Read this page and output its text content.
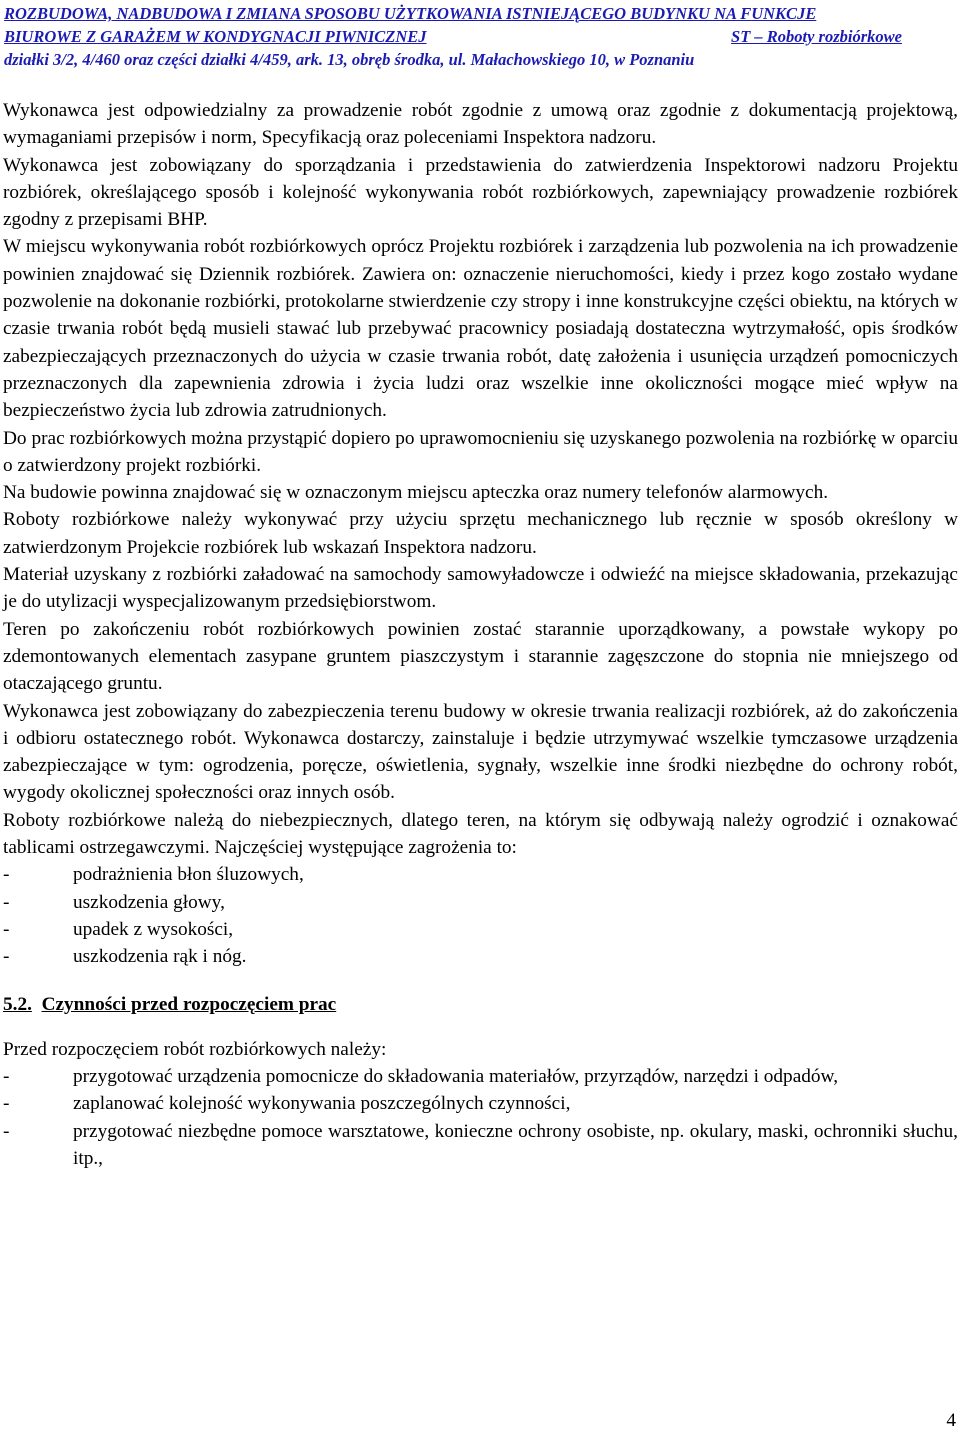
ROZBUDOWA, NADBUDOWA I ZMIANA SPOSOBU UŻYTKOWANIA ISTNIEJĄCEGO BUDYNKU NA FUNKCJE
BIUROWE Z GARAŻEM W KONDYGNACJI PIWNICZNEJ	ST – Roboty rozbiórkowe
działki 3/2, 4/460 oraz części działki 4/459, ark. 13, obręb środka, ul. Małachowskiego 10, w Poznaniu

Wykonawca jest odpowiedzialny za prowadzenie robót zgodnie z umową oraz zgodnie z dokumentacją projektową, wymaganiami przepisów i norm, Specyfikacją oraz poleceniami Inspektora nadzoru.

Wykonawca jest zobowiązany do sporządzania i przedstawienia do zatwierdzenia Inspektorowi nadzoru Projektu rozbiórek, określającego sposób i kolejność wykonywania robót rozbiórkowych, zapewniający prowadzenie rozbiórek zgodny z przepisami BHP.

W miejscu wykonywania robót rozbiórkowych oprócz Projektu rozbiórek i zarządzenia lub pozwolenia na ich prowadzenie powinien znajdować się Dziennik rozbiórek. Zawiera on: oznaczenie nieruchomości, kiedy i przez kogo zostało wydane pozwolenie na dokonanie rozbiórki, protokolarne stwierdzenie czy stropy i inne konstrukcyjne części obiektu, na których w czasie trwania robót będą musieli stawać lub przebywać pracownicy posiadają dostateczna wytrzymałość, opis środków zabezpieczających przeznaczonych do użycia w czasie trwania robót, datę założenia i usunięcia urządzeń pomocniczych przeznaczonych dla zapewnienia zdrowia i życia ludzi oraz wszelkie inne okoliczności mogące mieć wpływ na bezpieczeństwo życia lub zdrowia zatrudnionych.

Do prac rozbiórkowych można przystąpić dopiero po uprawomocnieniu się uzyskanego pozwolenia na rozbiórkę w oparciu o zatwierdzony projekt rozbiórki.

Na budowie powinna znajdować się w oznaczonym miejscu apteczka oraz numery telefonów alarmowych.

Roboty rozbiórkowe należy wykonywać przy użyciu sprzętu mechanicznego lub ręcznie w sposób określony w zatwierdzonym Projekcie rozbiórek lub wskazań Inspektora nadzoru.

Materiał uzyskany z rozbiórki załadować na samochody samowyładowcze i odwieźć na miejsce składowania, przekazując je do utylizacji wyspecjalizowanym przedsiębiorstwom.

Teren po zakończeniu robót rozbiórkowych powinien zostać starannie uporządkowany, a powstałe wykopy po zdemontowanych elementach zasypane gruntem piaszczystym i starannie zagęszczone do stopnia nie mniejszego od otaczającego gruntu.

Wykonawca jest zobowiązany do zabezpieczenia terenu budowy w okresie trwania realizacji rozbiórek, aż do zakończenia i odbioru ostatecznego robót. Wykonawca dostarczy, zainstaluje i będzie utrzymywać wszelkie tymczasowe urządzenia zabezpieczające w tym: ogrodzenia, poręcze, oświetlenia, sygnały, wszelkie inne środki niezbędne do ochrony robót, wygody okolicznej społeczności oraz innych osób.

Roboty rozbiórkowe należą do niebezpiecznych, dlatego teren, na którym się odbywają należy ogrodzić i oznakować tablicami ostrzegawczymi. Najczęściej występujące zagrożenia to:

-	podrażnienia błon śluzowych,
-	uszkodzenia głowy,
-	upadek z wysokości,
-	uszkodzenia rąk i nóg.
5.2. Czynności przed rozpoczęciem prac

Przed rozpoczęciem robót rozbiórkowych należy:

-	przygotować urządzenia pomocnicze do składowania materiałów, przyrządów, narzędzi i odpadów,
-	zaplanować kolejność wykonywania poszczególnych czynności,
-	przygotować niezbędne pomoce warsztatowe, konieczne ochrony osobiste, np. okulary, maski, ochronniki słuchu, itp.,
4
